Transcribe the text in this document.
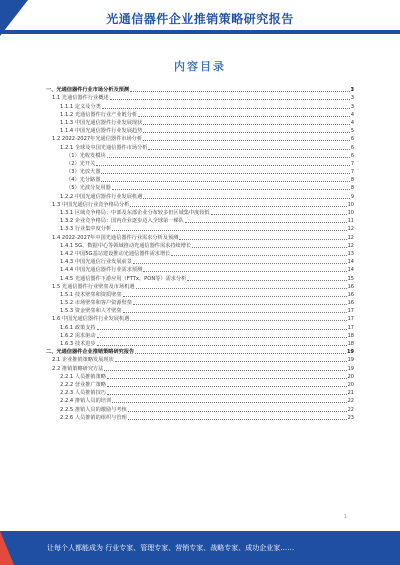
光通信器件企业推销策略研究报告
内容目录
一、光通信器件行业市场分析及预测	3
1.1 光通信器件行业概述	3
1.1.1 定义及分类	3
1.1.2 光通信器件行业产业链分析	4
1.1.3 中国光通信器件行业发展现状	4
1.1.4 中国光通信器件行业发展趋势	5
1.2 2022-2027年光通信器件市场分析	6
1.2.1 全球及中国光通信器件市场分析	6
（1）光收发模块	6
（2）光开关	7
（3）光放大器	7
（4）光分路器	8
（5）光波分复用器	8
1.2.2 中国光通信器件行业发展机遇	9
1.3 中国光通信行业竞争格局分析	10
1.3.1 区域竞争格局：中部及东部企业分布较多但区域集中度较低	10
1.3.2 企业竞争格局：国内企业逐步迈入全球第一梯队	11
1.3.3 行业集中度分析	12
1.4 2022-2027年中国光通信器件行业需求分析及预测	12
1.4.1 5G、数据中心等领域推动光通信器件需求持续增长	12
1.4.2 中国5G基站建设推动光通信器件需求增长	13
1.4.3 中国光通信行业发展前景	14
1.4.4 中国光通信器件行业需求预测	14
1.4.5 光通信器件下游应用（FTTx、PON等）需求分析	15
1.5 光通信器件行业壁垒及市场机遇	16
1.5.1 技术壁垒和资质壁垒	16
1.5.2 市场壁垒和客户资源壁垒	16
1.5.3 资金壁垒和人才壁垒	17
1.6 中国光通信器件行业发展机遇	17
1.6.1 政策支持	17
1.6.2 需求驱动	18
1.6.3 技术进步	18
二、光通信器件企业推销策略研究报告	19
2.1 企业推销策略发展现状	19
2.2 推销策略研究方法	19
2.2.1 人员推销策略	20
2.2.2 营业推广策略	20
2.2.3 人员推销技巧	21
2.2.4 推销人员的培训	22
2.2.5 推销人员的激励与考核	22
2.2.6 人员推销的组织与管理	23
1
让每个人都能成为 行业专家、管理专家、营销专家、战略专家、成功企业家……
